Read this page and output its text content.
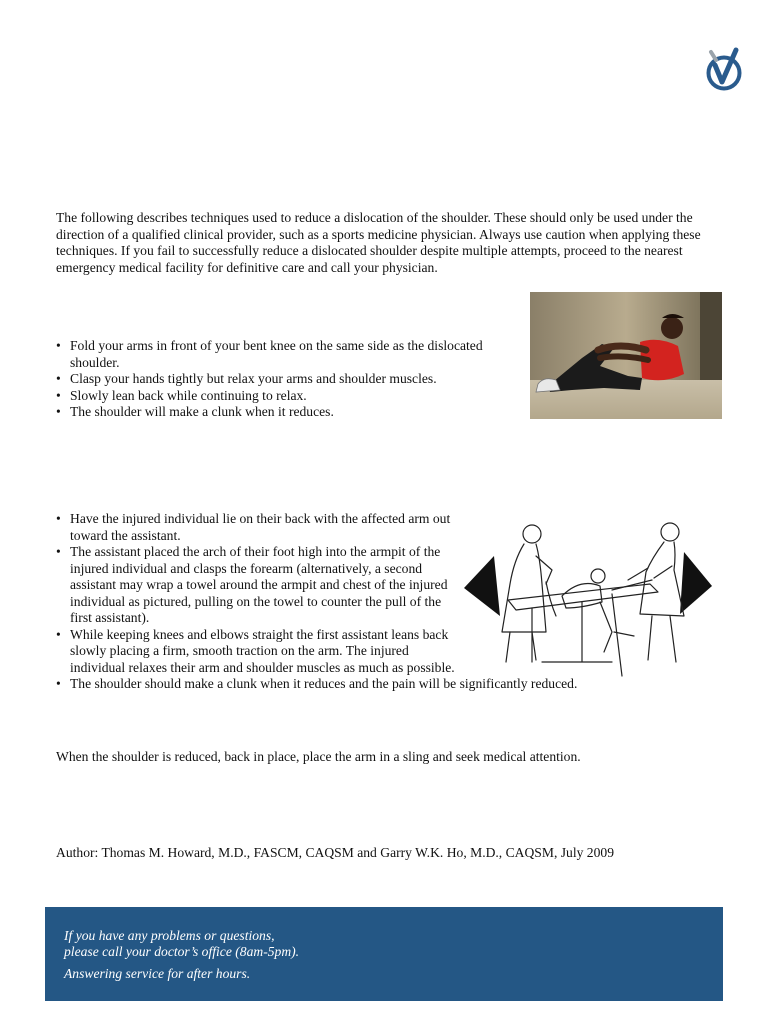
The following describes techniques used to reduce a dislocation of the shoulder. These should only be used under the direction of a qualified clinical provider, such as a sports medicine physician. Always use caution when applying these techniques. If you fail to successfully reduce a dislocated shoulder despite multiple attempts, proceed to the nearest emergency medical facility for definitive care and call your physician.

• Fold your arms in front of your bent knee on the same side as the dislocated shoulder.
• Clasp your hands tightly but relax your arms and shoulder muscles.
• Slowly lean back while continuing to relax.
• The shoulder will make a clunk when it reduces.
• Have the injured individual lie on their back with the affected arm out toward the assistant.
• The assistant placed the arch of their foot high into the armpit of the injured individual and clasps the forearm (alternatively, a second assistant may wrap a towel around the armpit and chest of the injured individual as pictured, pulling on the towel to counter the pull of the first assistant).
• While keeping knees and elbows straight the first assistant leans back slowly placing a firm, smooth traction on the arm. The injured individual relaxes their arm and shoulder muscles as much as possible.
• The shoulder should make a clunk when it reduces and the pain will be significantly reduced.

When the shoulder is reduced, back in place, place the arm in a sling and seek medical attention.

Author: Thomas M. Howard, M.D., FASCM, CAQSM and Garry W.K. Ho, M.D., CAQSM, July 2009

If you have any problems or questions,

please call your doctor’s office (8am-5pm).

Answering service for after hours.
